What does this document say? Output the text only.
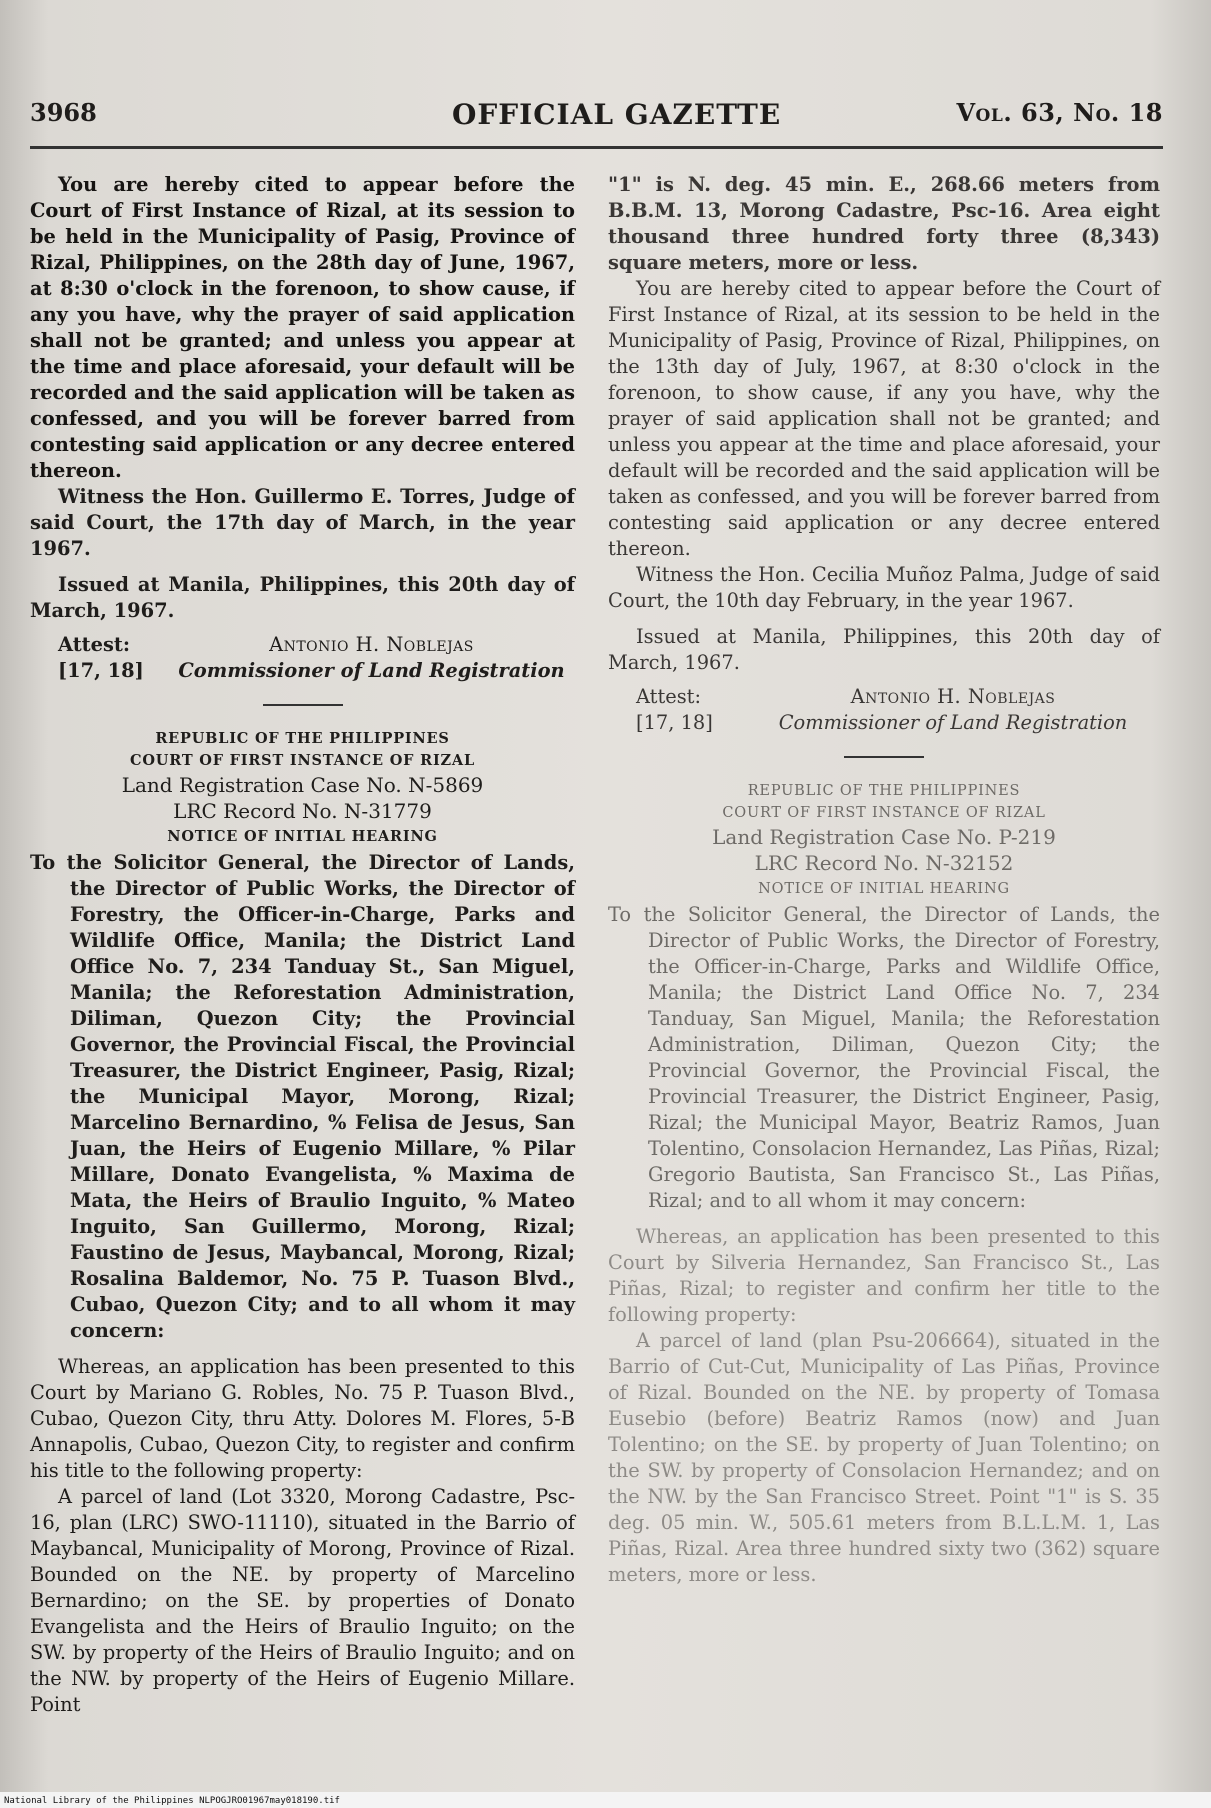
3968	OFFICIAL GAZETTE	Vol. 63, No. 18

You are hereby cited to appear before the Court of First Instance of Rizal, at its session to be held in the Municipality of Pasig, Province of Rizal, Philippines, on the 28th day of June, 1967, at 8:30 o'clock in the forenoon, to show cause, if any you have, why the prayer of said application shall not be granted; and unless you appear at the time and place aforesaid, your default will be recorded and the said application will be taken as confessed, and you will be forever barred from contesting said application or any decree entered thereon.

Witness the Hon. Guillermo E. Torres, Judge of said Court, the 17th day of March, in the year 1967.

Issued at Manila, Philippines, this 20th day of March, 1967.

Attest:	Antonio H. Noblejas
[17, 18]	Commissioner of Land Registration

REPUBLIC OF THE PHILIPPINES

COURT OF FIRST INSTANCE OF RIZAL

Land Registration Case No. N-5869

LRC Record No. N-31779

NOTICE OF INITIAL HEARING

To the Solicitor General, the Director of Lands, the Director of Public Works, the Director of Forestry, the Officer-in-Charge, Parks and Wildlife Office, Manila; the District Land Office No. 7, 234 Tanduay St., San Miguel, Manila; the Reforestation Administration, Diliman, Quezon City; the Provincial Governor, the Provincial Fiscal, the Provincial Treasurer, the District Engineer, Pasig, Rizal; the Municipal Mayor, Morong, Rizal; Marcelino Bernardino, % Felisa de Jesus, San Juan, the Heirs of Eugenio Millare, % Pilar Millare, Donato Evangelista, % Maxima de Mata, the Heirs of Braulio Inguito, % Mateo Inguito, San Guillermo, Morong, Rizal; Faustino de Jesus, Maybancal, Morong, Rizal; Rosalina Baldemor, No. 75 P. Tuason Blvd., Cubao, Quezon City; and to all whom it may concern:

Whereas, an application has been presented to this Court by Mariano G. Robles, No. 75 P. Tuason Blvd., Cubao, Quezon City, thru Atty. Dolores M. Flores, 5-B Annapolis, Cubao, Quezon City, to register and confirm his title to the following property:

A parcel of land (Lot 3320, Morong Cadastre, Psc-16, plan (LRC) SWO-11110), situated in the Barrio of Maybancal, Municipality of Morong, Province of Rizal. Bounded on the NE. by property of Marcelino Bernardino; on the SE. by properties of Donato Evangelista and the Heirs of Braulio Inguito; on the SW. by property of the Heirs of Braulio Inguito; and on the NW. by property of the Heirs of Eugenio Millare. Point

"1" is N. deg. 45 min. E., 268.66 meters from B.B.M. 13, Morong Cadastre, Psc-16. Area eight thousand three hundred forty three (8,343) square meters, more or less.

You are hereby cited to appear before the Court of First Instance of Rizal, at its session to be held in the Municipality of Pasig, Province of Rizal, Philippines, on the 13th day of July, 1967, at 8:30 o'clock in the forenoon, to show cause, if any you have, why the prayer of said application shall not be granted; and unless you appear at the time and place aforesaid, your default will be recorded and the said application will be taken as confessed, and you will be forever barred from contesting said application or any decree entered thereon.

Witness the Hon. Cecilia Muñoz Palma, Judge of said Court, the 10th day February, in the year 1967.

Issued at Manila, Philippines, this 20th day of March, 1967.

Attest:	Antonio H. Noblejas
[17, 18]	Commissioner of Land Registration

REPUBLIC OF THE PHILIPPINES

COURT OF FIRST INSTANCE OF RIZAL

Land Registration Case No. P-219

LRC Record No. N-32152

NOTICE OF INITIAL HEARING

To the Solicitor General, the Director of Lands, the Director of Public Works, the Director of Forestry, the Officer-in-Charge, Parks and Wildlife Office, Manila; the District Land Office No. 7, 234 Tanduay, San Miguel, Manila; the Reforestation Administration, Diliman, Quezon City; the Provincial Governor, the Provincial Fiscal, the Provincial Treasurer, the District Engineer, Pasig, Rizal; the Municipal Mayor, Beatriz Ramos, Juan Tolentino, Consolacion Hernandez, Las Piñas, Rizal; Gregorio Bautista, San Francisco St., Las Piñas, Rizal; and to all whom it may concern:

Whereas, an application has been presented to this Court by Silveria Hernandez, San Francisco St., Las Piñas, Rizal; to register and confirm her title to the following property:

A parcel of land (plan Psu-206664), situated in the Barrio of Cut-Cut, Municipality of Las Piñas, Province of Rizal. Bounded on the NE. by property of Tomasa Eusebio (before) Beatriz Ramos (now) and Juan Tolentino; on the SE. by property of Juan Tolentino; on the SW. by property of Consolacion Hernandez; and on the NW. by the San Francisco Street. Point "1" is S. 35 deg. 05 min. W., 505.61 meters from B.L.L.M. 1, Las Piñas, Rizal. Area three hundred sixty two (362) square meters, more or less.

National Library of the Philippines NLPOGJRO01967may018190.tif
